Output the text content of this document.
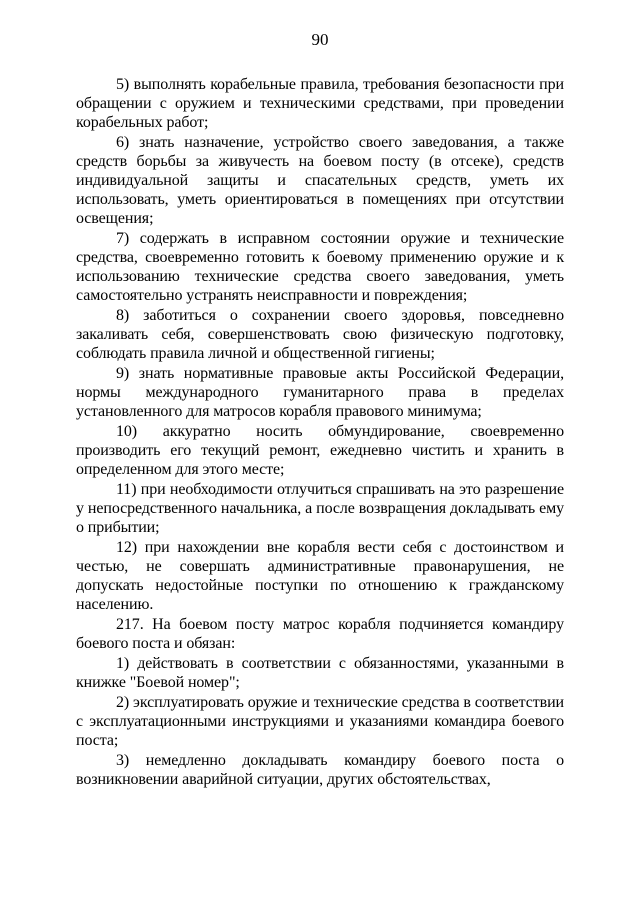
90

5) выполнять корабельные правила, требования безопасности при обращении с оружием и техническими средствами, при проведении корабельных работ;

6) знать назначение, устройство своего заведования, а также средств борьбы за живучесть на боевом посту (в отсеке), средств индивидуальной защиты и спасательных средств, уметь их использовать, уметь ориентироваться в помещениях при отсутствии освещения;

7) содержать в исправном состоянии оружие и технические средства, своевременно готовить к боевому применению оружие и к использованию технические средства своего заведования, уметь самостоятельно устранять неисправности и повреждения;

8) заботиться о сохранении своего здоровья, повседневно закаливать себя, совершенствовать свою физическую подготовку, соблюдать правила личной и общественной гигиены;

9) знать нормативные правовые акты Российской Федерации, нормы международного гуманитарного права в пределах установленного для матросов корабля правового минимума;

10) аккуратно носить обмундирование, своевременно производить его текущий ремонт, ежедневно чистить и хранить в определенном для этого месте;

11) при необходимости отлучиться спрашивать на это разрешение у непосредственного начальника, а после возвращения докладывать ему о прибытии;

12) при нахождении вне корабля вести себя с достоинством и честью, не совершать административные правонарушения, не допускать недостойные поступки по отношению к гражданскому населению.

217. На боевом посту матрос корабля подчиняется командиру боевого поста и обязан:

1) действовать в соответствии с обязанностями, указанными в книжке "Боевой номер";

2) эксплуатировать оружие и технические средства в соответствии с эксплуатационными инструкциями и указаниями командира боевого поста;

3) немедленно докладывать командиру боевого поста о возникновении аварийной ситуации, других обстоятельствах,
